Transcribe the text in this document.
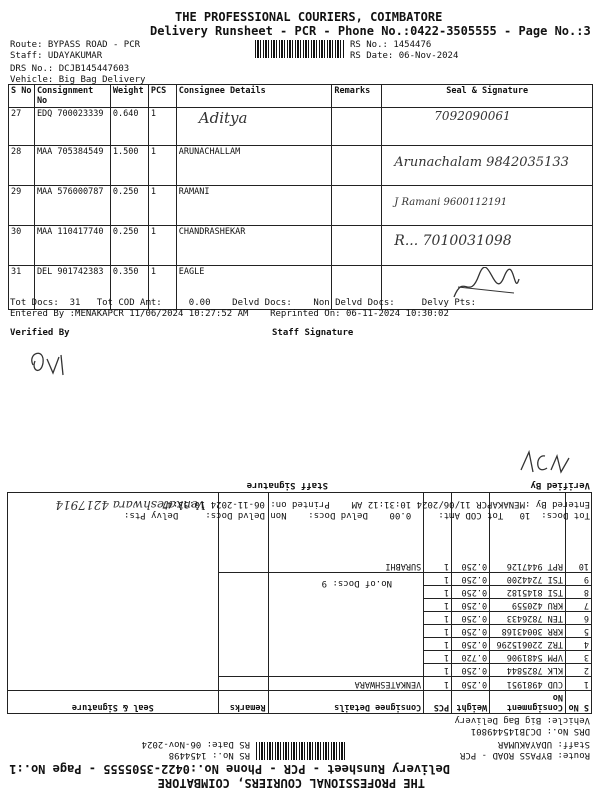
THE PROFESSIONAL COURIERS, COIMBATORE
Delivery Runsheet - PCR - Phone No.:0422-3505555 - Page No.:3
Route: BYPASS ROAD - PCR
Staff: UDAYAKUMAR
DRS No.: DCJB145447603
Vehicle: Big Bag Delivery
RS No.: 1454476
RS Date: 06-Nov-2024
S No	Consignment No	Weight	PCS	Consignee Details	Remarks	Seal & Signature
27	EDQ 700023339	0.640	1	Aditya		7092090061
28	MAA 705384549	1.500	1	ARUNACHALLAM		Arunachalam 9842035133
29	MAA 576000787	0.250	1	RAMANI		J Ramani 9600112191
30	MAA 110417740	0.250	1	CHANDRASHEKAR		R... 7010031098
31	DEL 901742383	0.350	1	EAGLE		
Tot Docs:  31   Tot COD Amt:     0.00    Delvd Docs:    Non Delvd Docs:     Delvy Pts:
Entered By :MENAKAPCR 11/06/2024 10:27:52 AM    Reprinted On: 06-11-2024 10:30:02
Verified By	Staff Signature
THE PROFESSIONAL COURIERS, COIMBATORE
Delivery Runsheet - PCR - Phone No.:0422-3505555 - Page No.:1
Route: BYPASS ROAD - PCR
Staff: UDAYAKUMAR
DRS No.: DCJB145449801
Vehicle: Big Bag Delivery
RS No.: 1454498
RS Date: 06-Nov-2024
S No	Consignment No	Weight	PCS	Consignee Details	Remarks	Seal & Signature
1	CUD 4981951	0.250	1	VENKATESHWARA		Venkateshwara 4217914

2	KLK 7825844	0.250	1			
3	VPM 5481906	0.720	1			
4	TRZ 220615296	0.250	1			
5	KRR 30043168	0.250	1			
6	TEN 7826433	0.250	1			
7	KRU 420559	0.250	1			
8	TSI 8145182	0.250	1			
9	TSI 7244200	0.250	1			
10	RPT 9447126	0.250	1	SURABHI		
No.of Docs: 9
Tot Docs:  10   Tot COD Amt:     0.00    Delvd Docs:    Non Delvd Docs:     Delvy Pts:
Entered By :MENAKAPCR 11/06/2024 10:31:12 AM    Printed on: 06-11-2024 10:33:47
Verified By
Staff Signature
